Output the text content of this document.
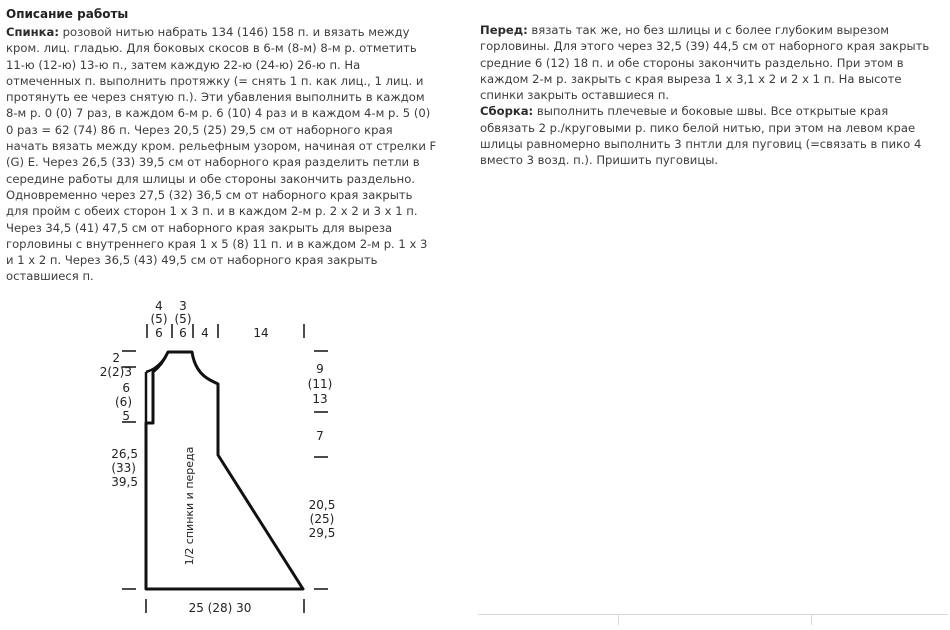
Описание работы

Спинка: розовой нитью набрать 134 (146) 158 п. и вязать между кром. лиц. гладью. Для боковых скосов в 6-м (8-м) 8-м р. отметить 11-ю (12-ю) 13-ю п., затем каждую 22-ю (24-ю) 26-ю п. На отмеченных п. выполнить протяжку (= снять 1 п. как лиц., 1 лиц. и протянуть ее через снятую п.). Эти убавления выполнить в каждом 8-м р. 0 (0) 7 раз, в каждом 6-м р. 6 (10) 4 раз и в каждом 4-м р. 5 (0) 0 раз = 62 (74) 86 п. Через 20,5 (25) 29,5 см от наборного края начать вязать между кром. рельефным узором, начиная от стрелки F (G) E. Через 26,5 (33) 39,5 см от наборного края разделить петли в середине работы для шлицы и обе стороны закончить раздельно. Одновременно через 27,5 (32) 36,5 см от наборного края закрыть для пройм с обеих сторон 1 х 3 п. и в каждом 2-м р. 2 х 2 и 3 х 1 п. Через 34,5 (41) 47,5 см от наборного края закрыть для выреза горловины с внутреннего края 1 х 5 (8) 11 п. и в каждом 2-м р. 1 х 3 и 1 х 2 п. Через 36,5 (43) 49,5 см от наборного края закрыть оставшиеся п.

Перед: вязать так же, но без шлицы и с более глубоким вырезом горловины. Для этого через 32,5 (39) 44,5 см от наборного края закрыть средние 6 (12) 18 п. и обе стороны закончить раздельно. При этом в каждом 2-м р. закрыть с края выреза 1 х 3,1 х 2 и 2 х 1 п. На высоте спинки закрыть оставшиеся п.

Сборка: выполнить плечевые и боковые швы. Все открытые края обвязать 2 р./круговыми р. пико белой нитью, при этом на левом крае шлицы равномерно выполнить 3 пнтли для пуговиц (=связать в пико 4 вместо 3 возд. п.). Пришить пуговицы.

4
(5)
6
3
(5)
6 4	14
2
2(2)3
6
(6)
5
26,5
(33)
39,5
9
(11)
13
7
20,5
(25)
29,5
25 (28) 30
1/2 спинки и переда
